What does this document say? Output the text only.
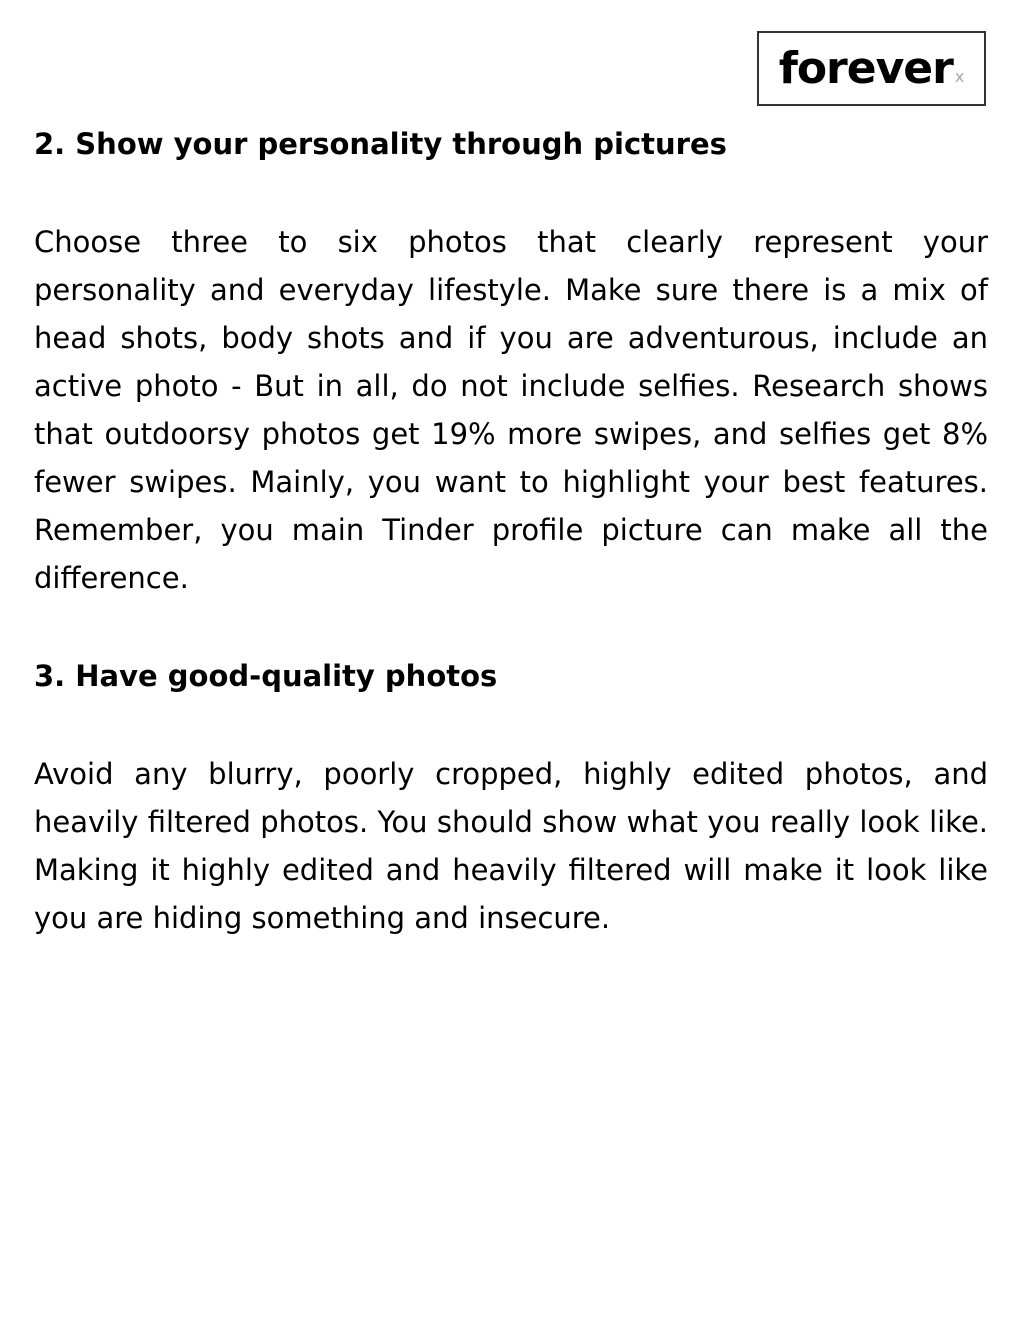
forever x
2. Show your personality through pictures

Choose three to six photos that clearly represent your personality and everyday lifestyle. Make sure there is a mix of head shots, body shots and if you are adventurous, include an active photo - But in all, do not include selfies. Research shows that outdoorsy photos get 19% more swipes, and selfies get 8% fewer swipes. Mainly, you want to highlight your best features. Remember, you main Tinder profile picture can make all the difference.

3. Have good-quality photos

Avoid any blurry, poorly cropped, highly edited photos, and heavily filtered photos. You should show what you really look like. Making it highly edited and heavily filtered will make it look like you are hiding something and insecure.
